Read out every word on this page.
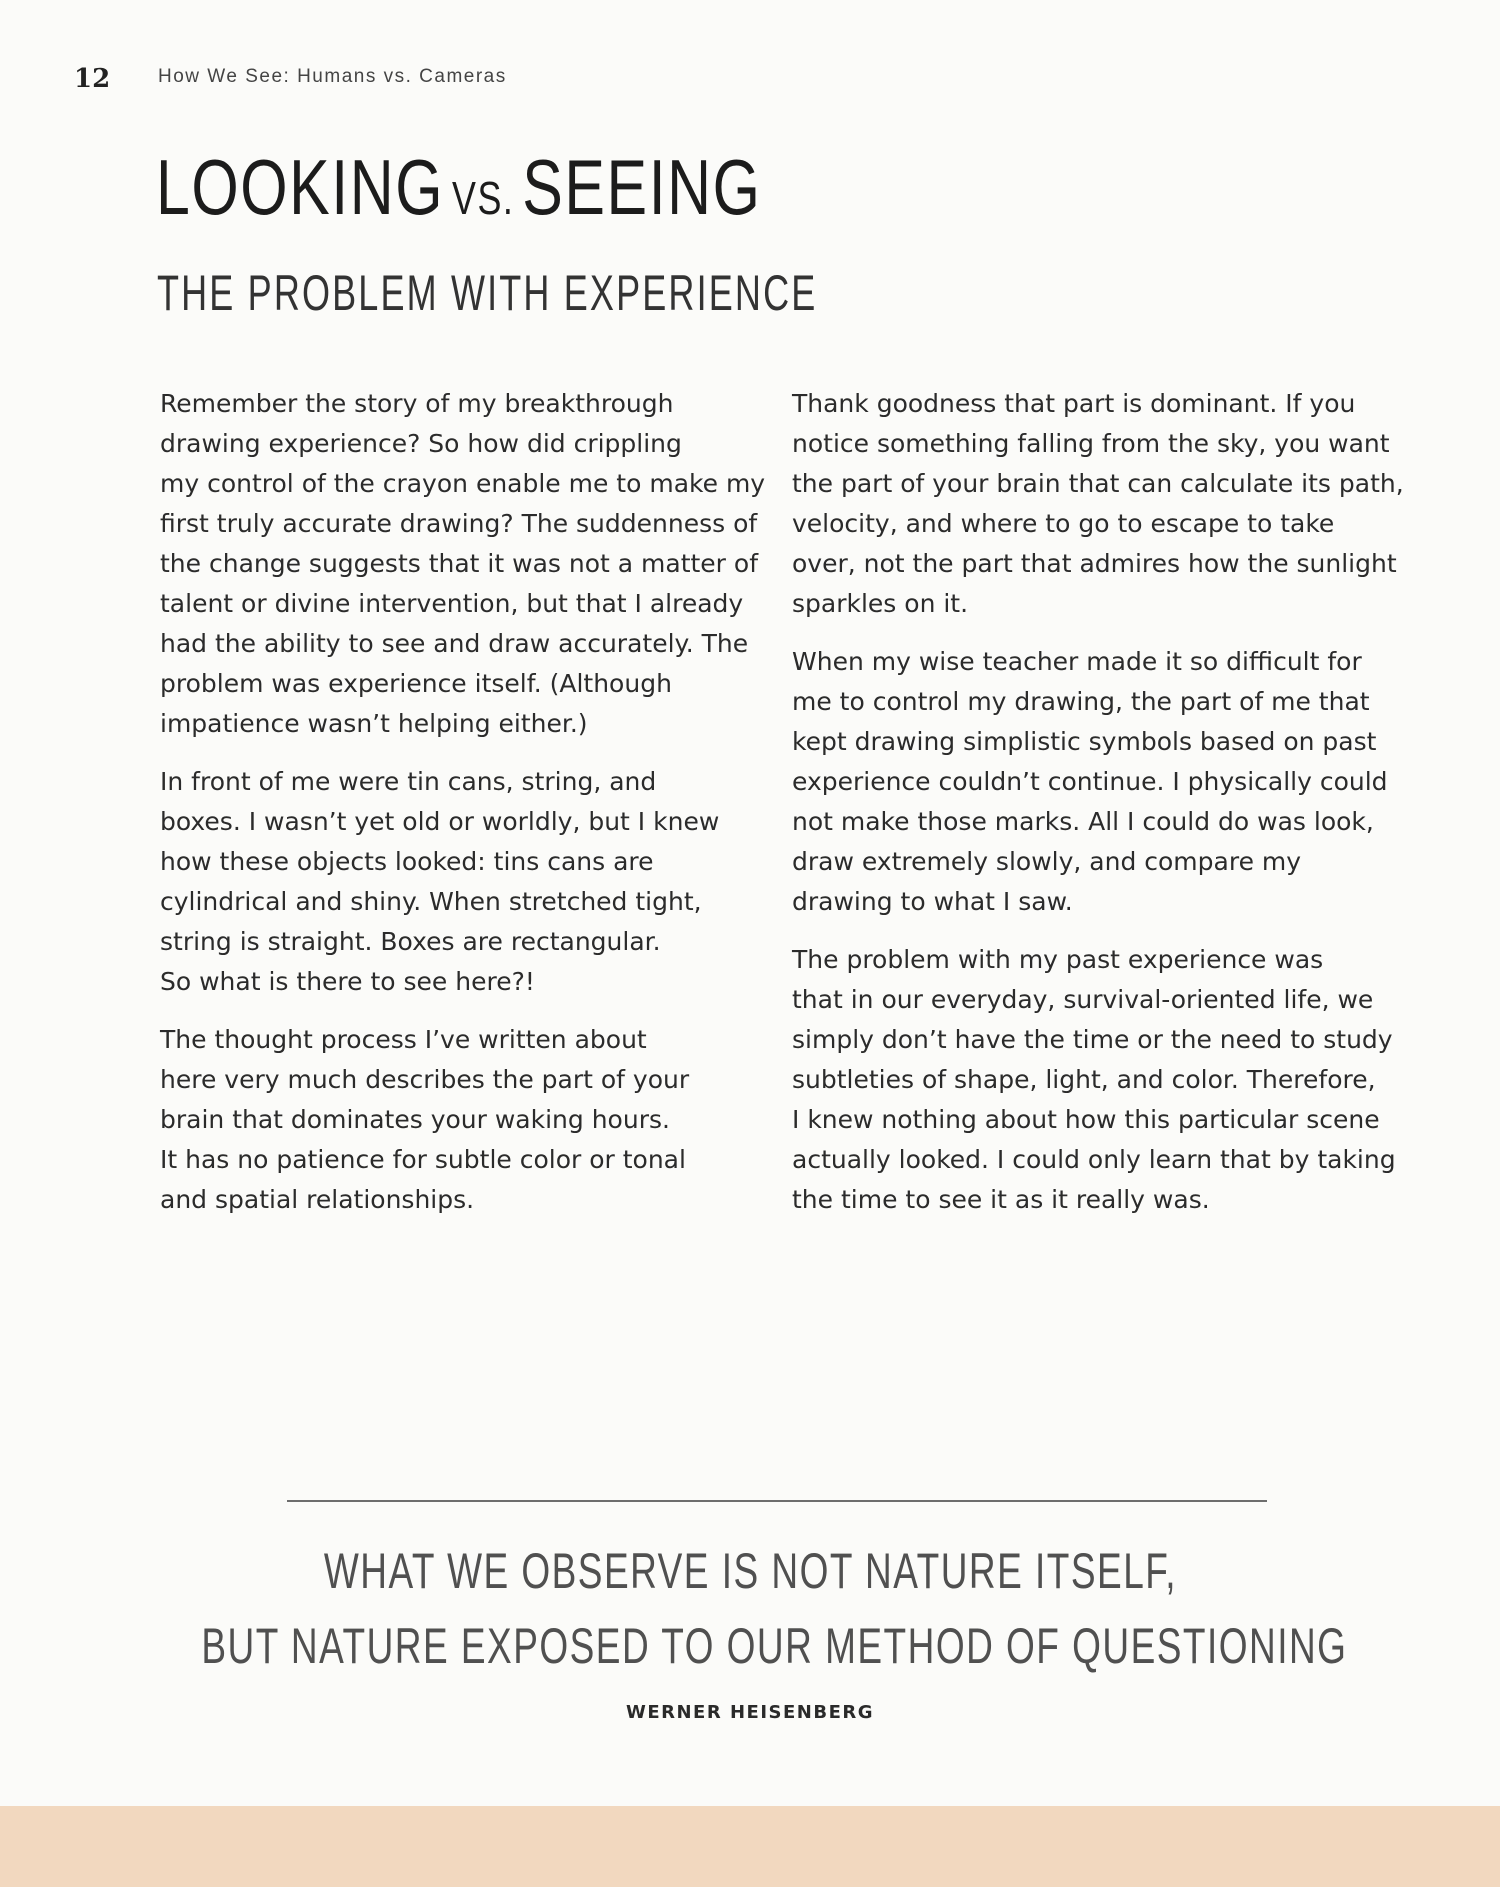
12	How We See: Humans vs. Cameras
LOOKING VS.SEEING
THE PROBLEM WITH EXPERIENCE

Remember the story of my breakthrough
drawing experience? So how did crippling
my control of the crayon enable me to make my
first truly accurate drawing? The suddenness of
the change suggests that it was not a matter of
talent or divine intervention, but that I already
had the ability to see and draw accurately. The
problem was experience itself. (Although
impatience wasn’t helping either.)

In front of me were tin cans, string, and
boxes. I wasn’t yet old or worldly, but I knew
how these objects looked: tins cans are
cylindrical and shiny. When stretched tight,
string is straight. Boxes are rectangular.
So what is there to see here?!

The thought process I’ve written about
here very much describes the part of your
brain that dominates your waking hours.
It has no patience for subtle color or tonal
and spatial relationships.

Thank goodness that part is dominant. If you
notice something falling from the sky, you want
the part of your brain that can calculate its path,
velocity, and where to go to escape to take
over, not the part that admires how the sunlight
sparkles on it.

When my wise teacher made it so difficult for
me to control my drawing, the part of me that
kept drawing simplistic symbols based on past
experience couldn’t continue. I physically could
not make those marks. All I could do was look,
draw extremely slowly, and compare my
drawing to what I saw.

The problem with my past experience was
that in our everyday, survival-oriented life, we
simply don’t have the time or the need to study
subtleties of shape, light, and color. Therefore,
I knew nothing about how this particular scene
actually looked. I could only learn that by taking
the time to see it as it really was.

WHAT WE OBSERVE IS NOT NATURE ITSELF,
BUT NATURE EXPOSED TO OUR METHOD OF QUESTIONING
WERNER HEISENBERG
